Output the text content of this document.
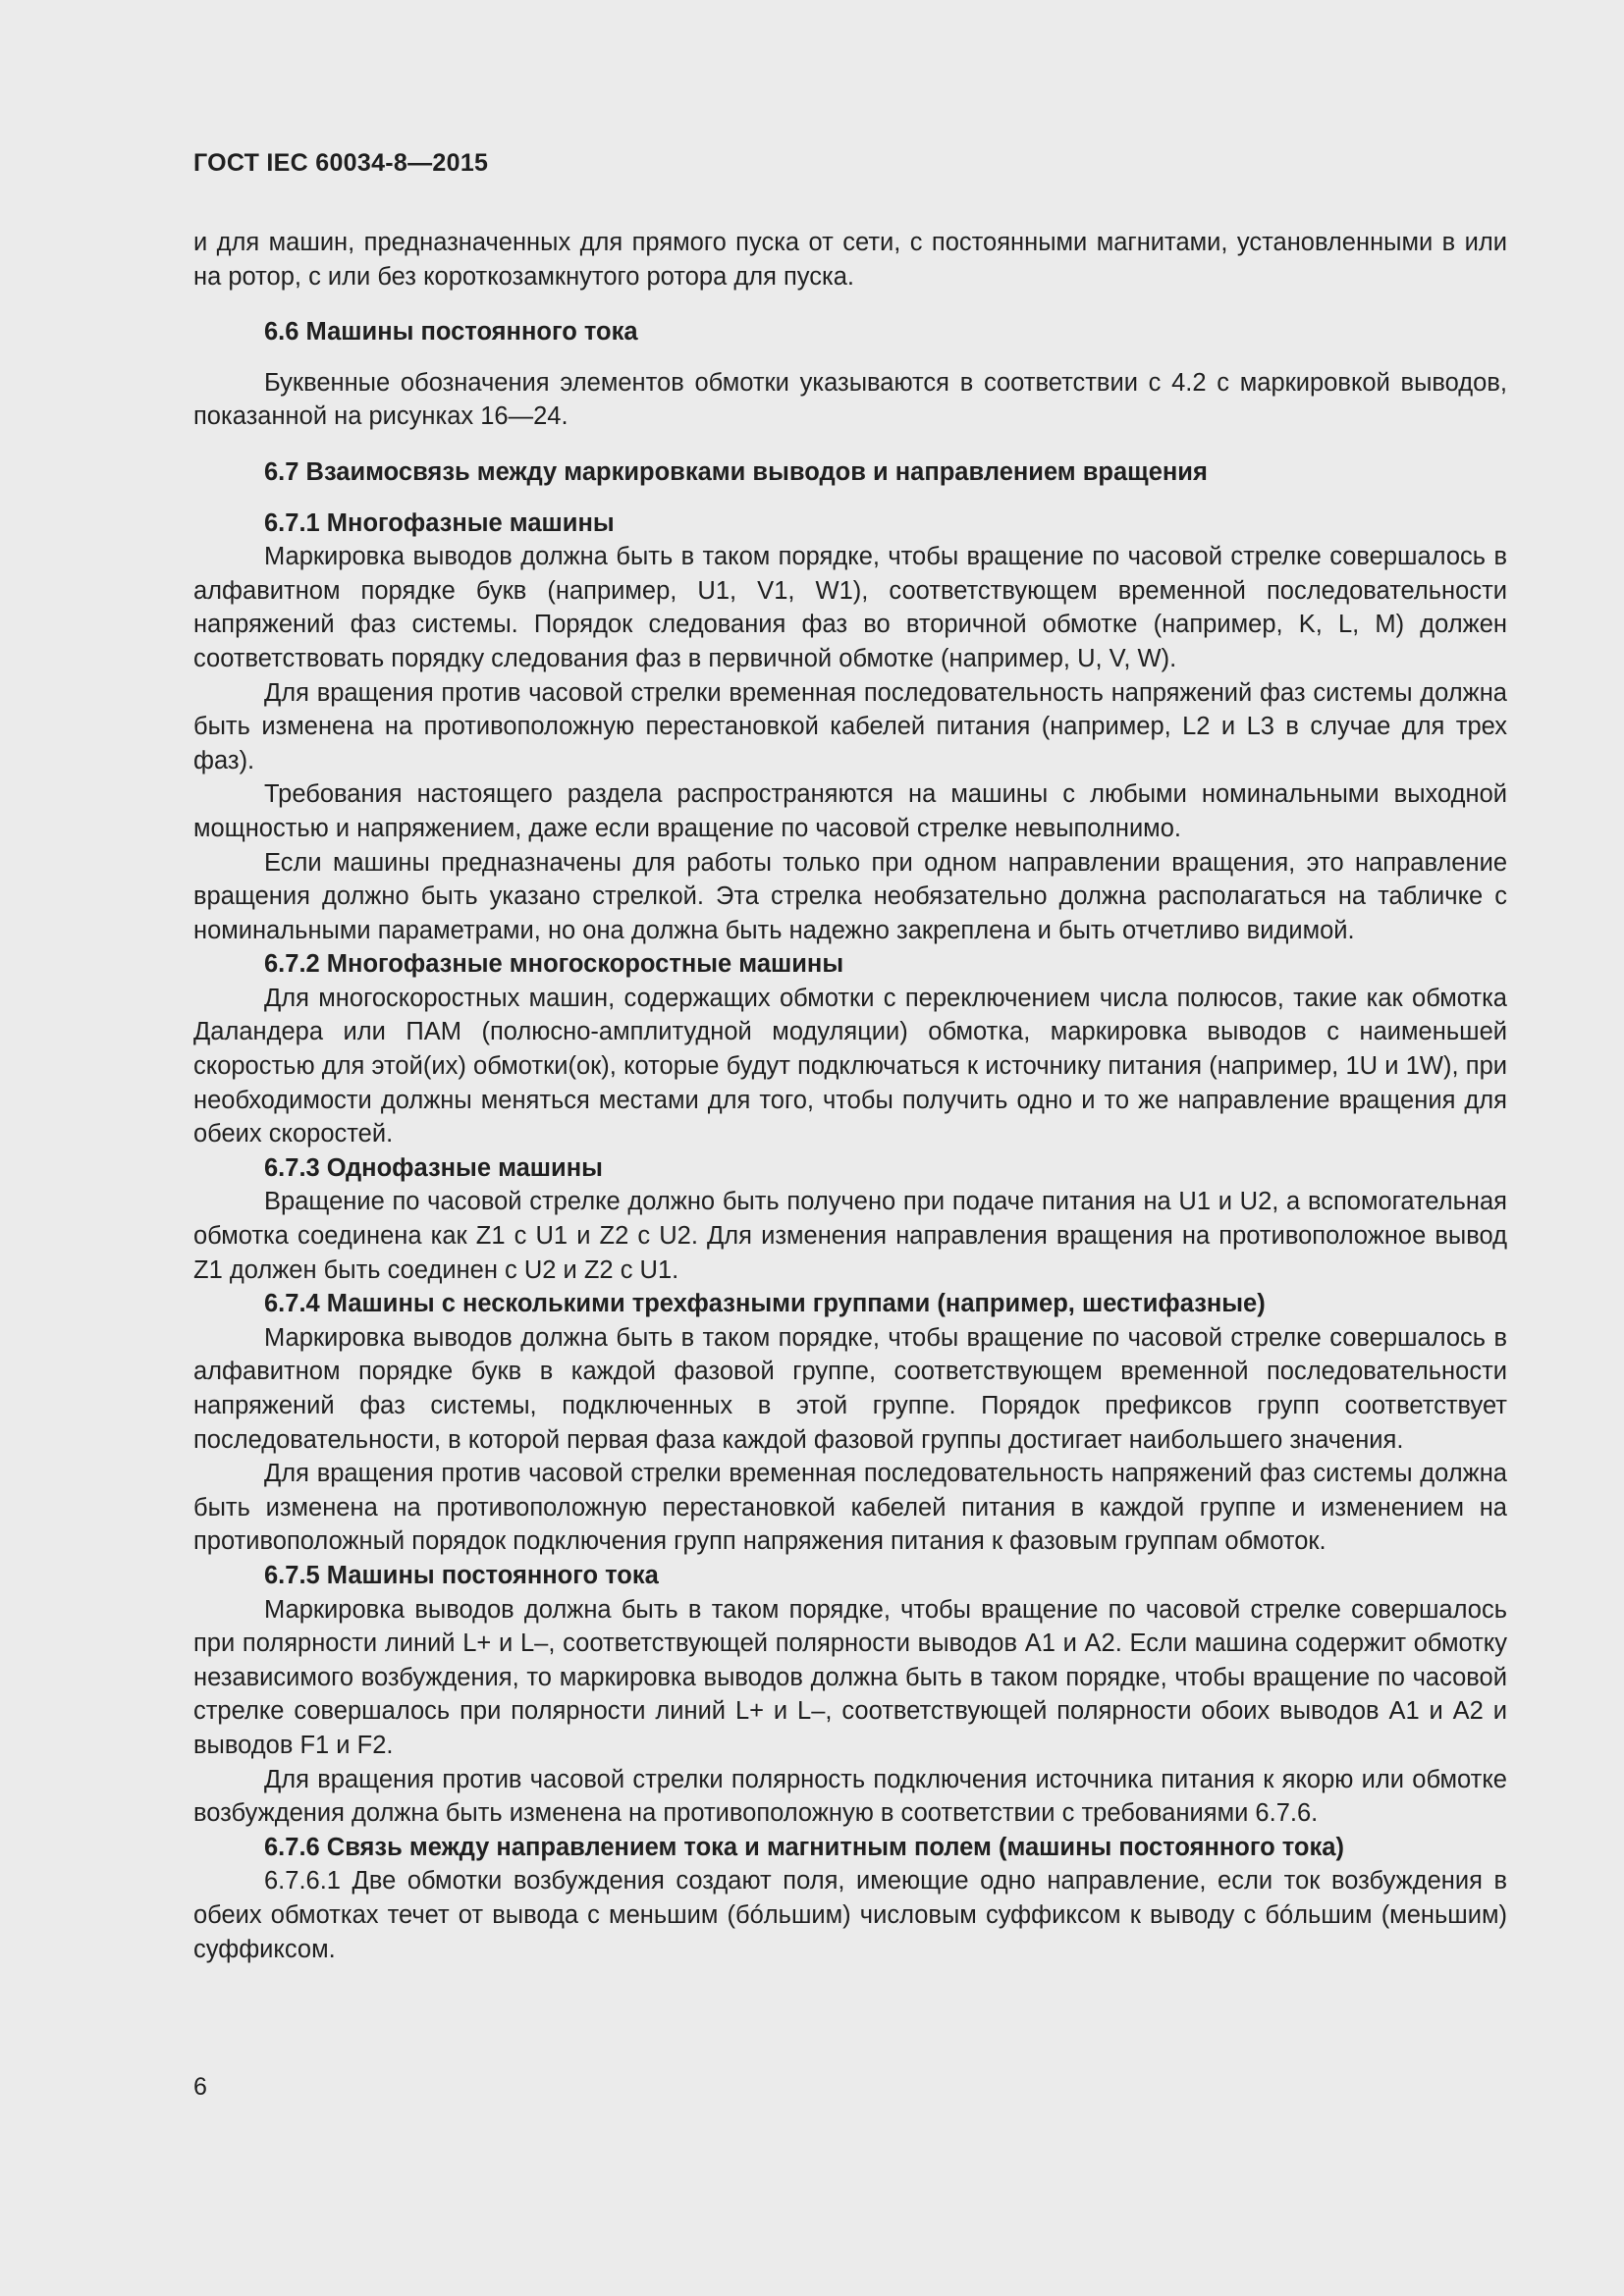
ГОСТ IEC 60034-8—2015

и для машин, предназначенных для прямого пуска от сети, с постоянными магнитами, установленными в или на ротор, с или без короткозамкнутого ротора для пуска.

6.6 Машины постоянного тока

Буквенные обозначения элементов обмотки указываются в соответствии с 4.2 с маркировкой выводов, показанной на рисунках 16—24.

6.7 Взаимосвязь между маркировками выводов и направлением вращения

6.7.1 Многофазные машины

Маркировка выводов должна быть в таком порядке, чтобы вращение по часовой стрелке совершалось в алфавитном порядке букв (например, U1, V1, W1), соответствующем временной последовательности напряжений фаз системы. Порядок следования фаз во вторичной обмотке (например, K, L, M) должен соответствовать порядку следования фаз в первичной обмотке (например, U, V, W).

Для вращения против часовой стрелки временная последовательность напряжений фаз системы должна быть изменена на противоположную перестановкой кабелей питания (например, L2 и L3 в случае для трех фаз).

Требования настоящего раздела распространяются на машины с любыми номинальными выходной мощностью и напряжением, даже если вращение по часовой стрелке невыполнимо.

Если машины предназначены для работы только при одном направлении вращения, это направление вращения должно быть указано стрелкой. Эта стрелка необязательно должна располагаться на табличке с номинальными параметрами, но она должна быть надежно закреплена и быть отчетливо видимой.

6.7.2 Многофазные многоскоростные машины

Для многоскоростных машин, содержащих обмотки с переключением числа полюсов, такие как обмотка Даландера или ПАМ (полюсно-амплитудной модуляции) обмотка, маркировка выводов с наименьшей скоростью для этой(их) обмотки(ок), которые будут подключаться к источнику питания (например, 1U и 1W), при необходимости должны меняться местами для того, чтобы получить одно и то же направление вращения для обеих скоростей.

6.7.3 Однофазные машины

Вращение по часовой стрелке должно быть получено при подаче питания на U1 и U2, а вспомогательная обмотка соединена как Z1 с U1 и Z2 с U2. Для изменения направления вращения на противоположное вывод Z1 должен быть соединен с U2 и Z2 с U1.

6.7.4 Машины с несколькими трехфазными группами (например, шестифазные)

Маркировка выводов должна быть в таком порядке, чтобы вращение по часовой стрелке совершалось в алфавитном порядке букв в каждой фазовой группе, соответствующем временной последовательности напряжений фаз системы, подключенных в этой группе. Порядок префиксов групп соответствует последовательности, в которой первая фаза каждой фазовой группы достигает наибольшего значения.

Для вращения против часовой стрелки временная последовательность напряжений фаз системы должна быть изменена на противоположную перестановкой кабелей питания в каждой группе и изменением на противоположный порядок подключения групп напряжения питания к фазовым группам обмоток.

6.7.5 Машины постоянного тока

Маркировка выводов должна быть в таком порядке, чтобы вращение по часовой стрелке совершалось при полярности линий L+ и L–, соответствующей полярности выводов A1 и A2. Если машина содержит обмотку независимого возбуждения, то маркировка выводов должна быть в таком порядке, чтобы вращение по часовой стрелке совершалось при полярности линий L+ и L–, соответствующей полярности обоих выводов A1 и A2 и выводов F1 и F2.

Для вращения против часовой стрелки полярность подключения источника питания к якорю или обмотке возбуждения должна быть изменена на противоположную в соответствии с требованиями 6.7.6.

6.7.6 Связь между направлением тока и магнитным полем (машины постоянного тока)

6.7.6.1 Две обмотки возбуждения создают поля, имеющие одно направление, если ток возбуждения в обеих обмотках течет от вывода с меньшим (бóльшим) числовым суффиксом к выводу с бóльшим (меньшим) суффиксом.

6
